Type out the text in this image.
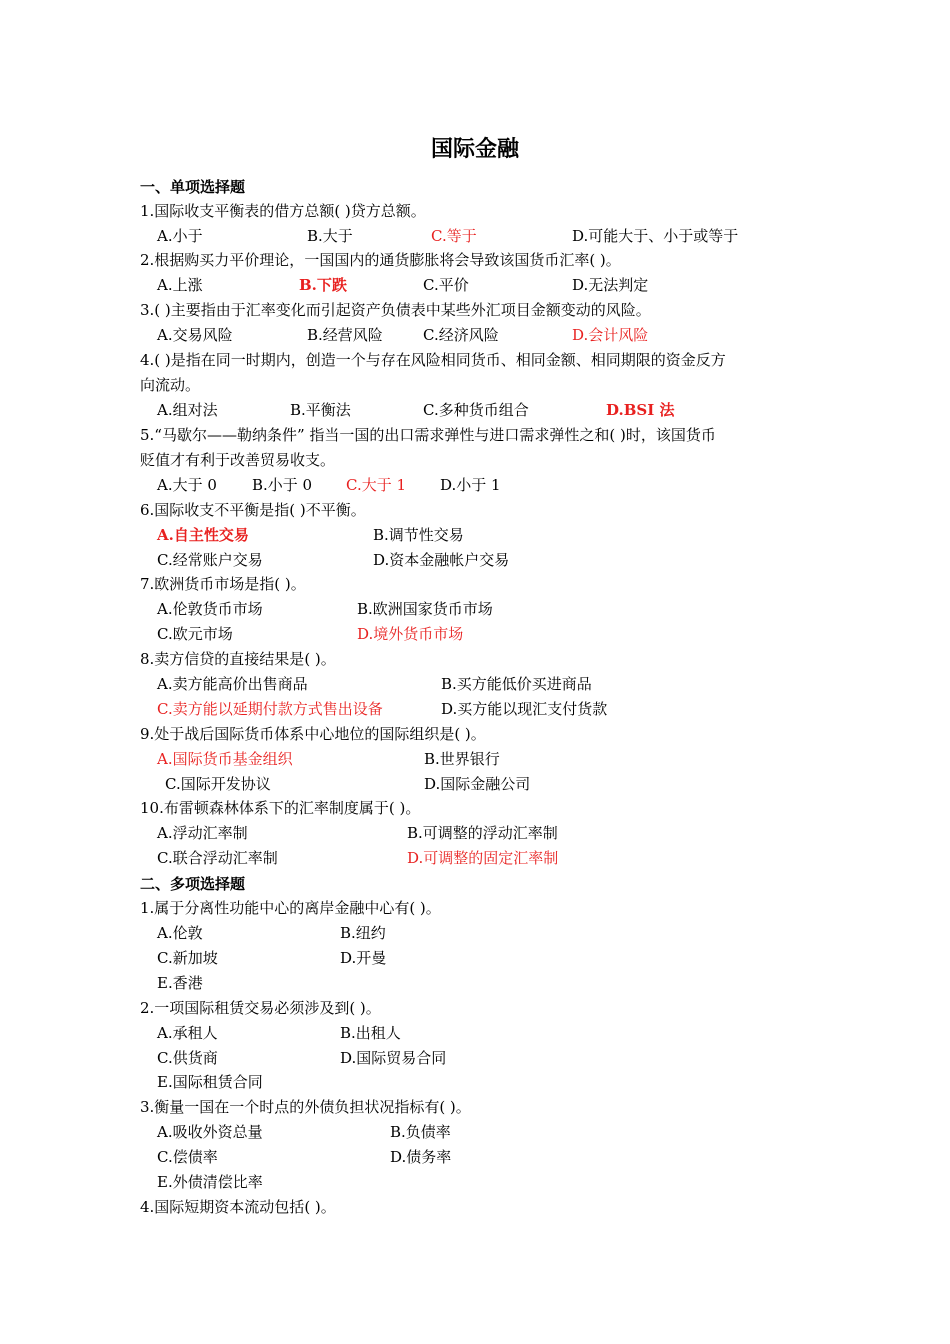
国际金融
一、单项选择题
1.国际收支平衡表的借方总额( )贷方总额。
A.小于	B.大于	C.等于	D.可能大于、小于或等于
2.根据购买力平价理论，一国国内的通货膨胀将会导致该国货币汇率( )。
A.上涨	B.下跌	C.平价	D.无法判定
3.( )主要指由于汇率变化而引起资产负债表中某些外汇项目金额变动的风险。
A.交易风险	B.经营风险	C.经济风险	D.会计风险
4.( )是指在同一时期内，创造一个与存在风险相同货币、相同金额、相同期限的资金反方
向流动。
A.组对法	B.平衡法	C.多种货币组合	D.BSI 法
5.“马歇尔——勒纳条件” 指当一国的出口需求弹性与进口需求弹性之和( )时，该国货币
贬值才有利于改善贸易收支。
A.大于 0 B.小于 0 C.大于 1 D.小于 1
6.国际收支不平衡是指( )不平衡。
A.自主性交易	B.调节性交易
C.经常账户交易	D.资本金融帐户交易
7.欧洲货币市场是指( )。
A.伦敦货币市场	B.欧洲国家货币市场
C.欧元市场	D.境外货币市场
8.卖方信贷的直接结果是( )。
A.卖方能高价出售商品	B.买方能低价买进商品
C.卖方能以延期付款方式售出设备	D.买方能以现汇支付货款
9.处于战后国际货币体系中心地位的国际组织是( )。
A.国际货币基金组织	B.世界银行
C.国际开发协议	D.国际金融公司
10.布雷顿森林体系下的汇率制度属于( )。
A.浮动汇率制	B.可调整的浮动汇率制
C.联合浮动汇率制	D.可调整的固定汇率制
二、多项选择题
1.属于分离性功能中心的离岸金融中心有( )。
A.伦敦	B.纽约
C.新加坡	D.开曼
E.香港
2.一项国际租赁交易必须涉及到( )。
A.承租人	B.出租人
C.供货商	D.国际贸易合同
E.国际租赁合同
3.衡量一国在一个时点的外债负担状况指标有( )。
A.吸收外资总量	B.负债率
C.偿债率	D.债务率
E.外债清偿比率
4.国际短期资本流动包括( )。
